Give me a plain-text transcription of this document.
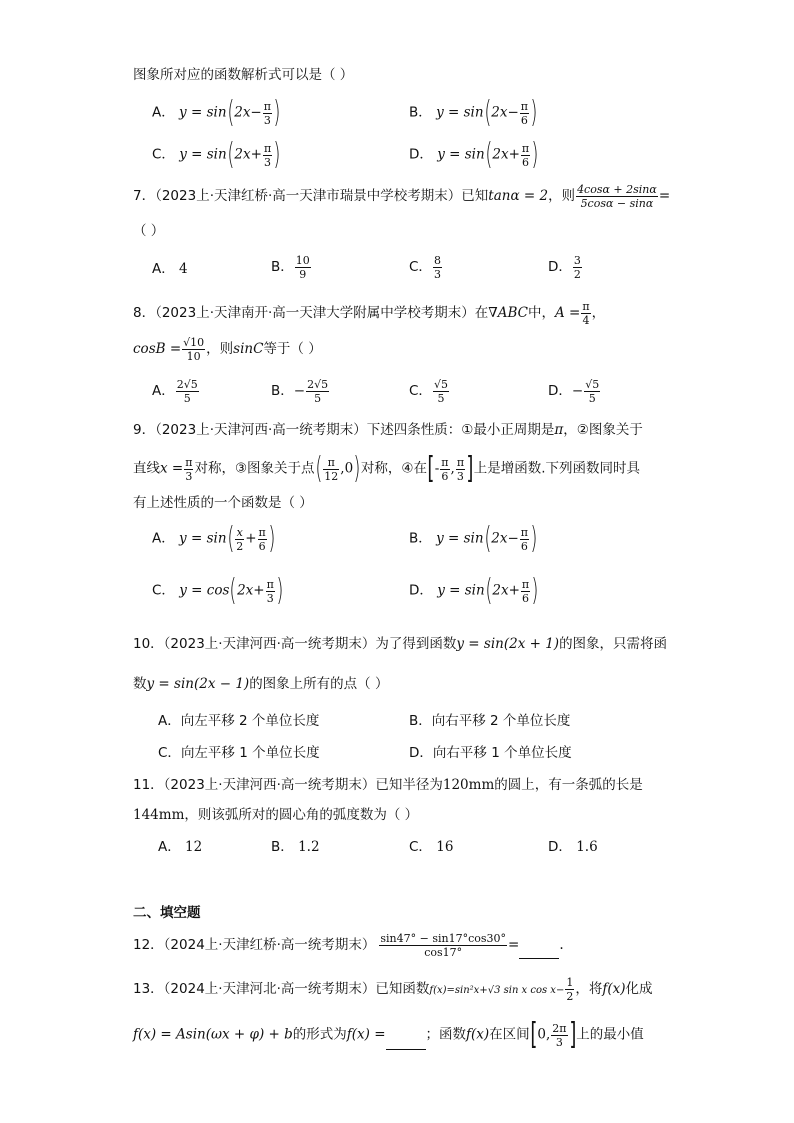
图象所对应的函数解析式可以是（ ）
A． $y = \sin(2x- \frac{\pi}{3}$ )	B． $y = \sin(2x- \frac{\pi}{6}$ )
C． $y = \sin(2x+ \frac{\pi}{3}$ )	D． $y = \sin(2x+ \frac{\pi}{6}$ )
7．（2023上·天津红桥·高一天津市瑞景中学校考期末）已知tanα = 2，则 $\frac{4\cos\alpha + 2\sin\alpha}{5\cos\alpha - \sin\alpha}$ =
（ ）
A． 4	B． $\frac{10}{9}$	C． $\frac{8}{3}$	D． $\frac{3}{2}$
8．（2023上·天津南开·高一天津大学附属中学校考期末）在∇ABC中，$A = \frac{\pi}{4}$ ，
$\cos B = \frac{√10}{10}$ ，则sinC等于（ ）
A． $\frac{2√5}{5}$	B．− $\frac{2√5}{5}$	C． $\frac{√5}{5}$	D．− $\frac{√5}{5}$
9．（2023上·天津河西·高一统考期末）下述四条性质：①最小正周期是π，②图象关于
直线$x = \frac{\pi}{3}$ 对称，③图象关于点( $\frac{\pi}{12} ,0$)对称，④在[- $\frac{\pi}{6}$ , $\frac{\pi}{3}$ ]上是增函数.下列函数同时具
有上述性质的一个函数是（ ）
A． $y = \sin( \frac{x}{2} + \frac{\pi}{6}$ )	B． $y = \sin(2x- \frac{\pi}{6}$ )
C． $y = \cos(2x+ \frac{\pi}{3}$ )	D． $y = \sin(2x+ \frac{\pi}{6}$ )
10．（2023上·天津河西·高一统考期末）为了得到函数y = sin(2x + 1)的图象，只需将函
数y = sin(2x − 1)的图象上所有的点（ ）
A．向左平移 2 个单位长度	B．向右平移 2 个单位长度
C．向左平移 1 个单位长度	D．向右平移 1 个单位长度
11．（2023上·天津河西·高一统考期末）已知半径为120mm的圆上，有一条弧的长是
144mm，则该弧所对的圆心角的弧度数为（ ）
A． 12	B． 1.2	C． 16	D． 1.6
二、填空题
12．（2024上·天津红桥·高一统考期末） $\frac{\sin 47^\circ - \sin 17^\circ\cos 30^\circ}{\cos 17^\circ}$ =	.
13．（2024上·天津河北·高一统考期末）已知函数f(x)=sin²x+√3 sin x $\cos x- \frac{1}{2}$ ，将f(x)化成
f(x) = Asin(ωx + φ) + b的形式为f(x) =	；函数f(x)在区间[0, $\frac{2\pi}{3}$ ]上的最小值
